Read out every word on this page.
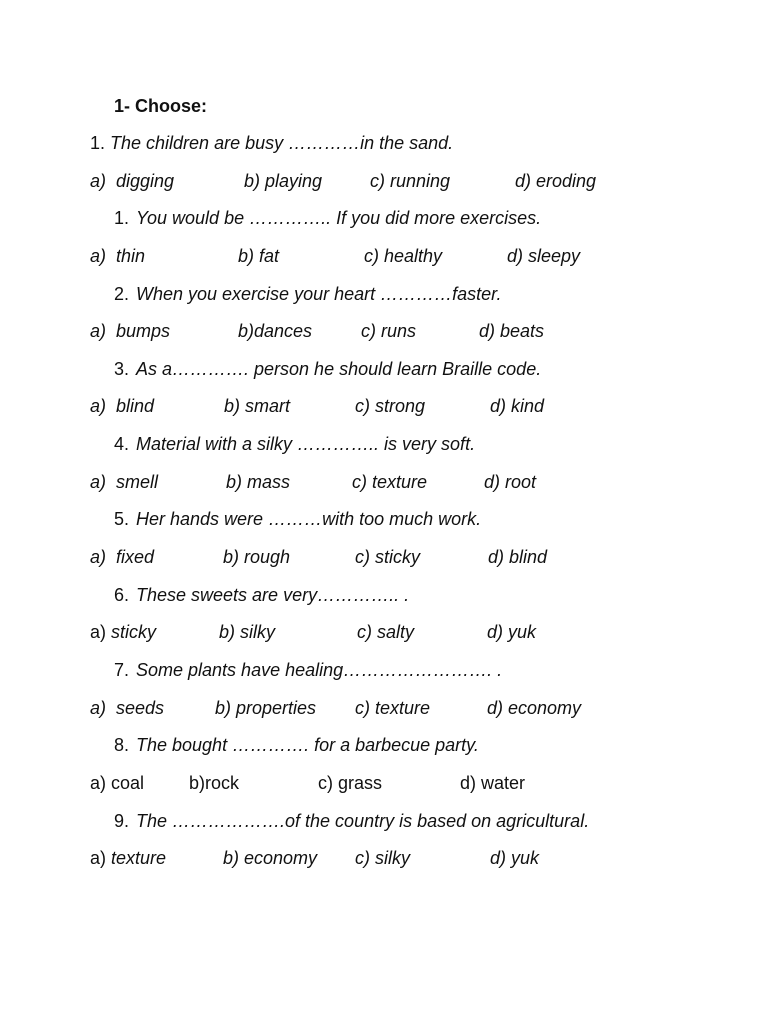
1- Choose:
1. The children are busy …………in the sand.
a)  digging	b) playing	c) running	d) eroding
1. You would be ………….. If you did more exercises.
a)  thin	b) fat	c) healthy	d) sleepy
2. When you exercise your heart …………faster.
a)  bumps	b)dances	c) runs	d) beats
3. As a…………. person he should learn Braille code.
a)  blind	b) smart	c) strong	d) kind
4. Material with a silky ………….. is very soft.
a)  smell	b) mass	c) texture	d) root
5. Her hands were ………with too much work.
a)  fixed	b) rough	c) sticky	d) blind
6. These sweets are very………….. .
a) sticky	b) silky	c) salty	d) yuk
7. Some plants have healing……………………. .
a)  seeds	b) properties c) texture	d) economy
8. The bought …………. for a barbecue party.
a) coal b)rock	c) grass	d) water
9. The ……………….of the country is based on agricultural.
a) texture	b) economy c) silky	d) yuk
